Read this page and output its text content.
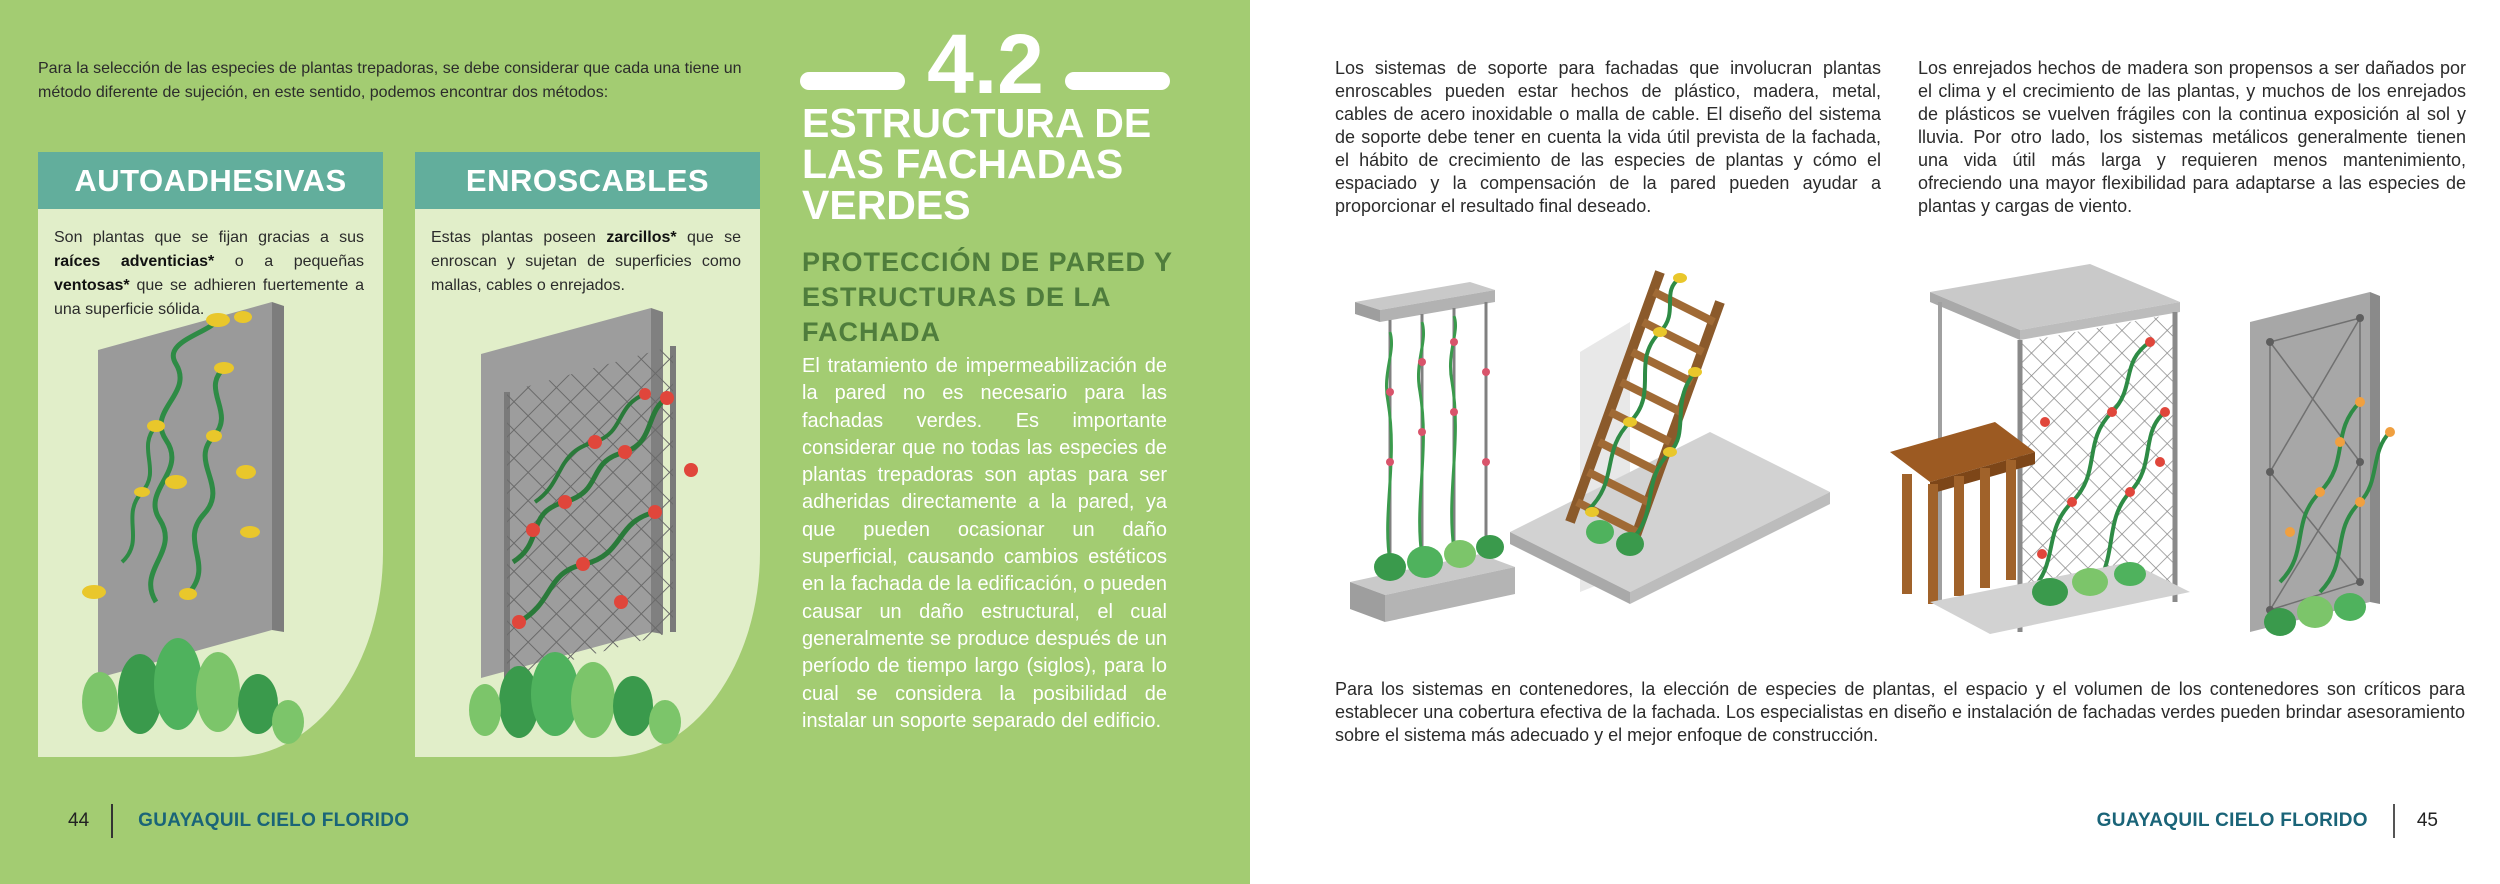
Para la selección de las especies de plantas trepadoras, se debe considerar que cada una tiene un método diferente de sujeción, en este sentido, podemos encontrar dos métodos:

AUTOADHESIVAS

Son plantas que se fijan gracias a sus raíces adventicias* o a pequeñas ventosas* que se adhieren fuertemente a una superficie sólida.

ENROSCABLES

Estas plantas poseen zarcillos* que se enroscan y sujetan de superficies como mallas, cables o enrejados.

4.2
ESTRUCTURA DE LAS FACHADAS VERDES
PROTECCIÓN DE PARED Y ESTRUCTURAS DE LA FACHADA

El tratamiento de impermeabilización de la pared no es necesario para las fachadas verdes. Es importante considerar que no todas las especies de plantas trepadoras son aptas para ser adheridas directamente a la pared, ya que pueden ocasionar un daño superficial, causando cambios estéticos en la fachada de la edificación, o pueden causar un daño estructural, el cual generalmente se produce después de un período de tiempo largo (siglos), para lo cual se considera la posibilidad de instalar un soporte separado del edificio.

44	GUAYAQUIL CIELO FLORIDO

Los sistemas de soporte para fachadas que involucran plantas enroscables pueden estar hechos de plástico, madera, metal, cables de acero inoxidable o malla de cable. El diseño del sistema de soporte debe tener en cuenta la vida útil prevista de la fachada, el hábito de crecimiento de las especies de plantas y cómo el espaciado y la compensación de la pared pueden ayudar a proporcionar el resultado final deseado.

Los enrejados hechos de madera son propensos a ser dañados por el clima y el crecimiento de las plantas, y muchos de los enrejados de plásticos se vuelven frágiles con la continua exposición al sol y lluvia. Por otro lado, los sistemas metálicos generalmente tienen una vida útil más larga y requieren menos mantenimiento, ofreciendo una mayor flexibilidad para adaptarse a las especies de plantas y cargas de viento.

Para los sistemas en contenedores, la elección de especies de plantas, el espacio y el volumen de los contenedores son críticos para establecer una cobertura efectiva de la fachada. Los especialistas en diseño e instalación de fachadas verdes pueden brindar asesoramiento sobre el sistema más adecuado y el mejor enfoque de construcción.

GUAYAQUIL CIELO FLORIDO	45
